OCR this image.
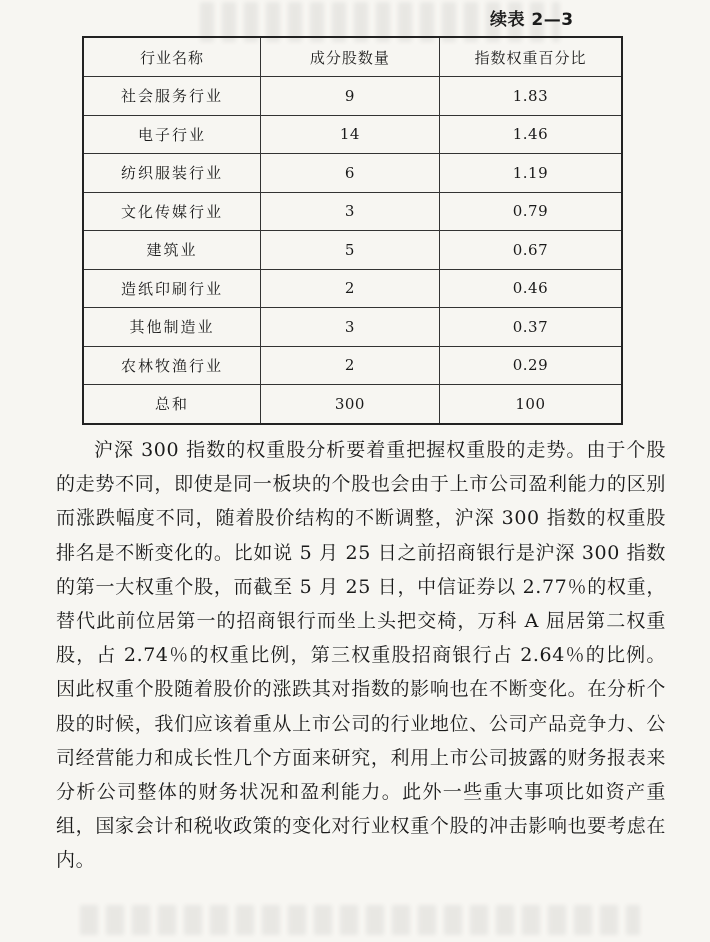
续表 2—3
行业名称	成分股数量	指数权重百分比
社会服务行业	9	1.83
电子行业	14	1.46
纺织服装行业	6	1.19
文化传媒行业	3	0.79
建筑业	5	0.67
造纸印刷行业	2	0.46
其他制造业	3	0.37
农林牧渔行业	2	0.29
总和	300	100

沪深 300 指数的权重股分析要着重把握权重股的走势。由于个股的走势不同，即使是同一板块的个股也会由于上市公司盈利能力的区别而涨跌幅度不同，随着股价结构的不断调整，沪深 300 指数的权重股排名是不断变化的。比如说 5 月 25 日之前招商银行是沪深 300 指数的第一大权重个股，而截至 5 月 25 日，中信证券以 2.77％的权重，替代此前位居第一的招商银行而坐上头把交椅，万科 A 屈居第二权重股，占 2.74％的权重比例，第三权重股招商银行占 2.64％的比例。因此权重个股随着股价的涨跌其对指数的影响也在不断变化。在分析个股的时候，我们应该着重从上市公司的行业地位、公司产品竞争力、公司经营能力和成长性几个方面来研究，利用上市公司披露的财务报表来分析公司整体的财务状况和盈利能力。此外一些重大事项比如资产重组，国家会计和税收政策的变化对行业权重个股的冲击影响也要考虑在内。
